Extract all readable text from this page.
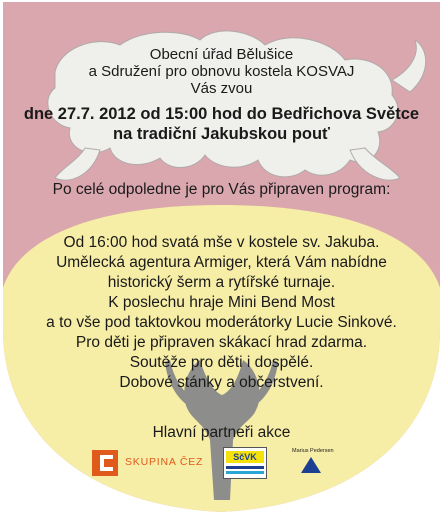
Obecní úřad Bělušice
a Sdružení pro obnovu kostela KOSVAJ
Vás zvou
dne 27.7. 2012 od 15:00 hod do Bedřichova Světce
na tradiční Jakubskou pouť
Po celé odpoledne je pro Vás připraven program:
Od 16:00 hod svatá mše v kostele sv. Jakuba.
Umělecká agentura Armiger, která Vám nabídne
historický šerm a rytířské turnaje.
K poslechu hraje Mini Bend Most
a to vše pod taktovkou moderátorky Lucie Sinkové.
Pro děti je připraven skákací hrad zdarma.
Soutěže pro děti i dospělé.
Dobové stánky a občerstvení.
Hlavní partneři akce
SKUPINA ČEZ	SčVK
Marius Pedersen
